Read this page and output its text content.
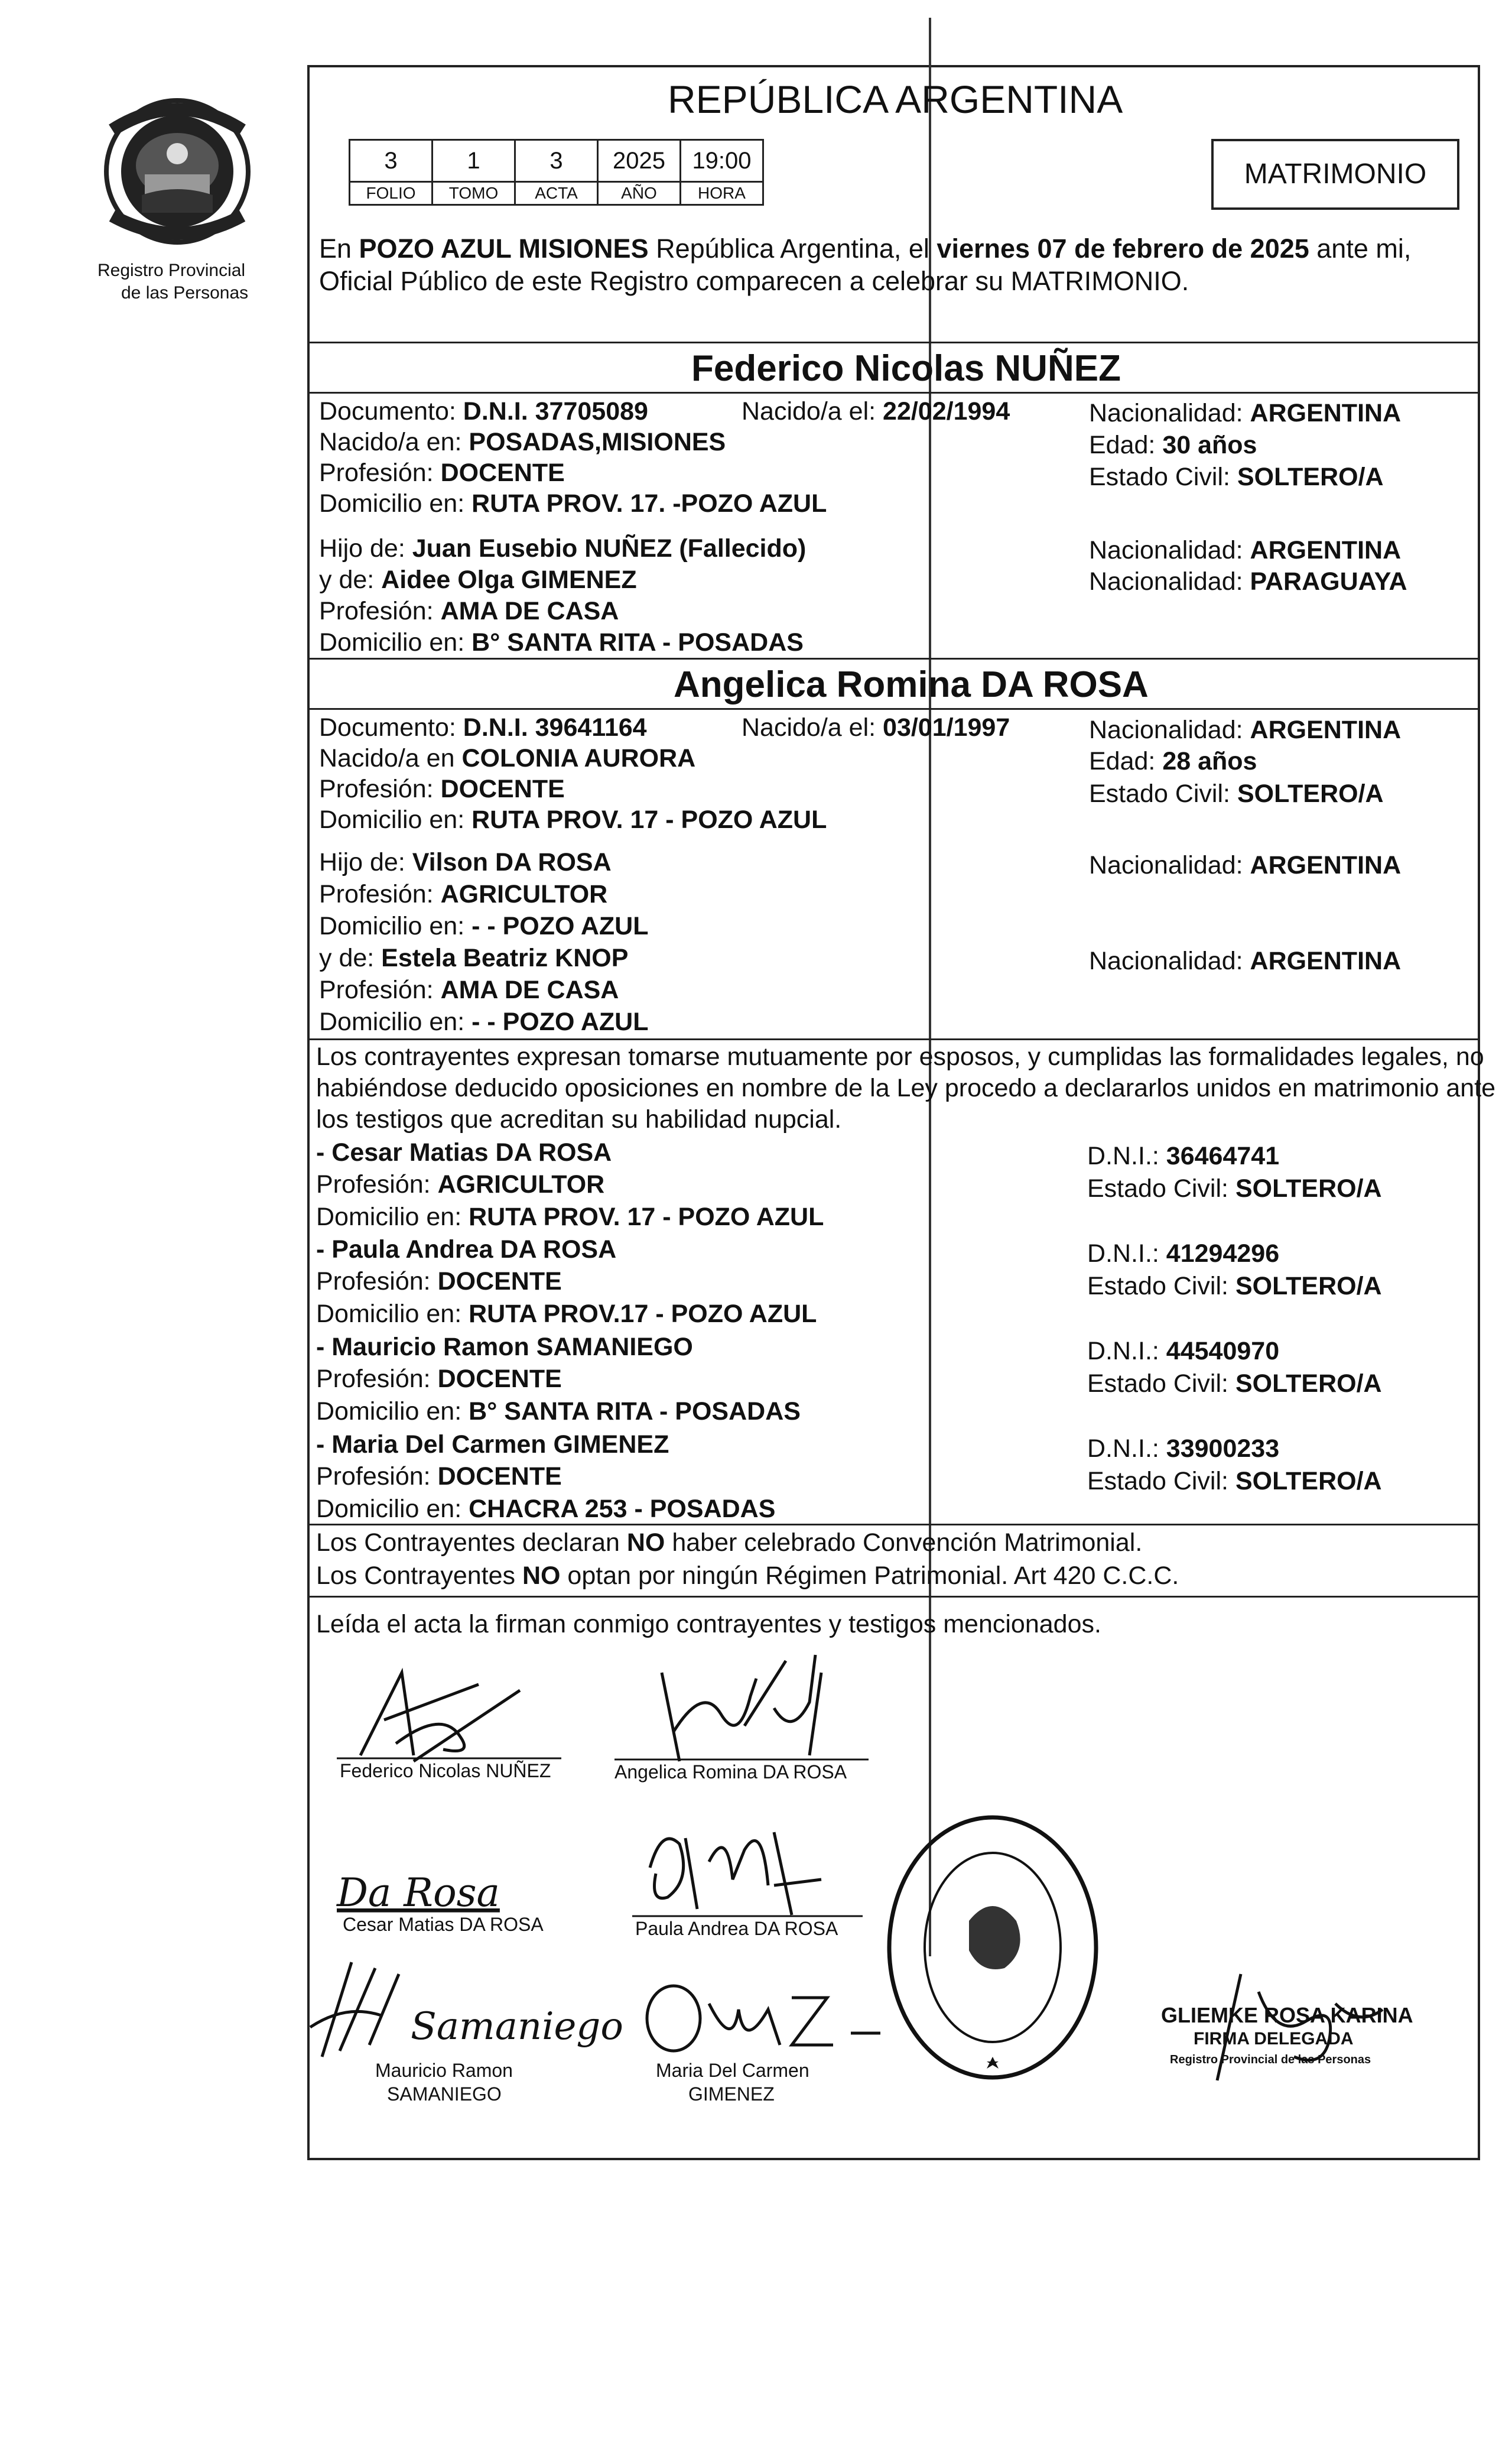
Registro Provincial
de las Personas
REPÚBLICA ARGENTINA
3	1	3	2025	19:00
FOLIO	TOMO	ACTA	AÑO	HORA
MATRIMONIO
En POZO AZUL MISIONES República Argentina, el viernes 07 de febrero de 2025 ante mi,
Oficial Público de este Registro comparecen a celebrar su MATRIMONIO.
Federico Nicolas NUÑEZ
Documento: D.N.I. 37705089	Nacido/a el: 22/02/1994	Nacionalidad: ARGENTINA
Nacido/a en: POSADAS,MISIONES	Edad: 30 años
Profesión: DOCENTE	Estado Civil: SOLTERO/A
Domicilio en: RUTA PROV. 17. -POZO AZUL
Hijo de: Juan Eusebio NUÑEZ (Fallecido)	Nacionalidad: ARGENTINA
y de: Aidee Olga GIMENEZ	Nacionalidad: PARAGUAYA
Profesión: AMA DE CASA
Domicilio en: B° SANTA RITA - POSADAS
Angelica Romina DA ROSA
Documento: D.N.I. 39641164	Nacido/a el: 03/01/1997	Nacionalidad: ARGENTINA
Nacido/a en COLONIA AURORA	Edad: 28 años
Profesión: DOCENTE	Estado Civil: SOLTERO/A
Domicilio en: RUTA PROV. 17 - POZO AZUL
Hijo de: Vilson DA ROSA	Nacionalidad: ARGENTINA
Profesión: AGRICULTOR
Domicilio en: - - POZO AZUL
y de: Estela Beatriz KNOP	Nacionalidad: ARGENTINA
Profesión: AMA DE CASA
Domicilio en: - - POZO AZUL
Los contrayentes expresan tomarse mutuamente por esposos, y cumplidas las formalidades legales, no
habiéndose deducido oposiciones en nombre de la Ley procedo a declararlos unidos en matrimonio ante
los testigos que acreditan su habilidad nupcial.
- Cesar Matias DA ROSA
Profesión: AGRICULTOR
Domicilio en: RUTA PROV. 17 - POZO AZUL
D.N.I.: 36464741
Estado Civil: SOLTERO/A
- Paula Andrea DA ROSA
Profesión: DOCENTE
Domicilio en: RUTA PROV.17 - POZO AZUL
D.N.I.: 41294296
Estado Civil: SOLTERO/A
- Mauricio Ramon SAMANIEGO
Profesión: DOCENTE
Domicilio en: B° SANTA RITA - POSADAS
D.N.I.: 44540970
Estado Civil: SOLTERO/A
- Maria Del Carmen GIMENEZ
Profesión: DOCENTE
Domicilio en: CHACRA 253 - POSADAS
D.N.I.: 33900233
Estado Civil: SOLTERO/A
Los Contrayentes declaran NO haber celebrado Convención Matrimonial.
Los Contrayentes NO optan por ningún Régimen Patrimonial. Art 420 C.C.C.
Leída el acta la firman conmigo contrayentes y testigos mencionados.
Federico Nicolas NUÑEZ	Angelica Romina DA ROSA
Da Rosa
Cesar Matias DA ROSA	Paula Andrea DA ROSA
Samaniego
Mauricio Ramon
SAMANIEGO
Maria Del Carmen
GIMENEZ
GLIEMKE ROSA KARINA
FIRMA DELEGADA
Registro Provincial de las Personas
